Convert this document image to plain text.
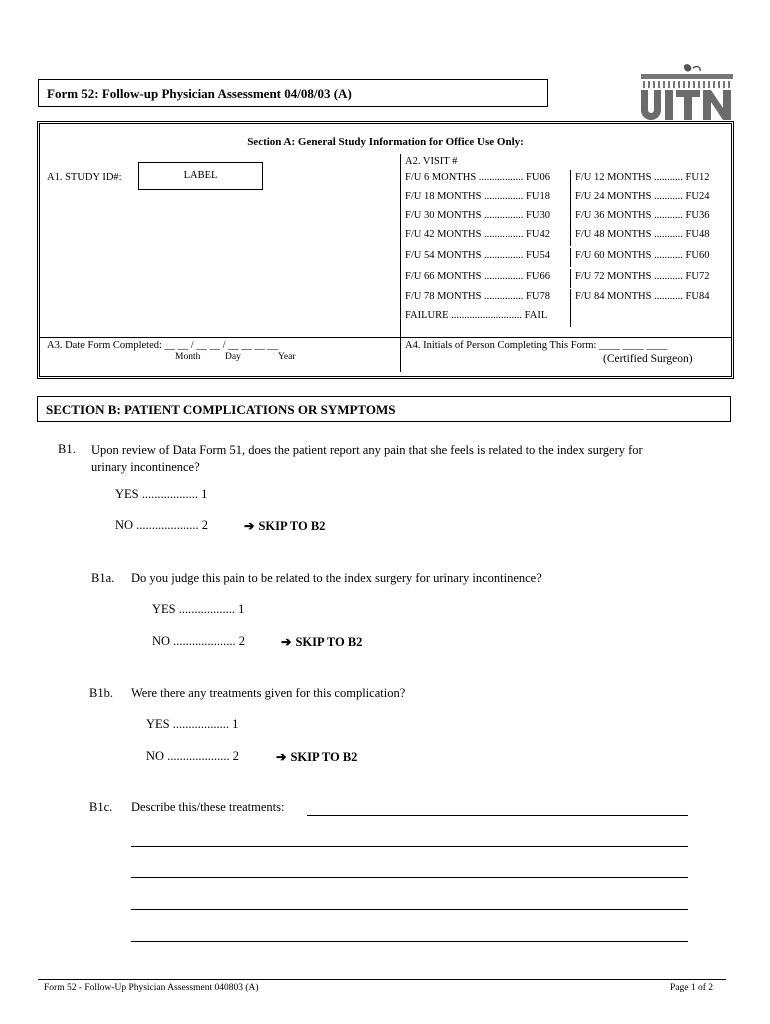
Form 52: Follow-up Physician Assessment 04/08/03 (A)
Section A: General Study Information for Office Use Only:
A1. STUDY ID#:	LABEL
A2. VISIT #
F/U 6 MONTHS ................. FU06	F/U 12 MONTHS ........... FU12
F/U 18 MONTHS ............... FU18	F/U 24 MONTHS ........... FU24
F/U 30 MONTHS ............... FU30	F/U 36 MONTHS ........... FU36
F/U 42 MONTHS ............... FU42	F/U 48 MONTHS ........... FU48
F/U 54 MONTHS ............... FU54	F/U 60 MONTHS ........... FU60
F/U 66 MONTHS ............... FU66	F/U 72 MONTHS ........... FU72
F/U 78 MONTHS ............... FU78	F/U 84 MONTHS ........... FU84
FAILURE ........................... FAIL
A3. Date Form Completed: __ __ / __ __ / __ __ __ __
Month	Day	Year
A4. Initials of Person Completing This Form: ____ ____ ____
(Certified Surgeon)
SECTION B: PATIENT COMPLICATIONS OR SYMPTOMS
B1. Upon review of Data Form 51, does the patient report any pain that she feels is related to the index surgery for
urinary incontinence?
YES .................. 1
NO .................... 2	➔ SKIP TO B2
B1a. Do you judge this pain to be related to the index surgery for urinary incontinence?
YES .................. 1
NO .................... 2	➔ SKIP TO B2
B1b. Were there any treatments given for this complication?
YES .................. 1
NO .................... 2	➔ SKIP TO B2
B1c. Describe this/these treatments:
Form 52 - Follow-Up Physician Assessment 040803 (A)	Page 1 of 2
